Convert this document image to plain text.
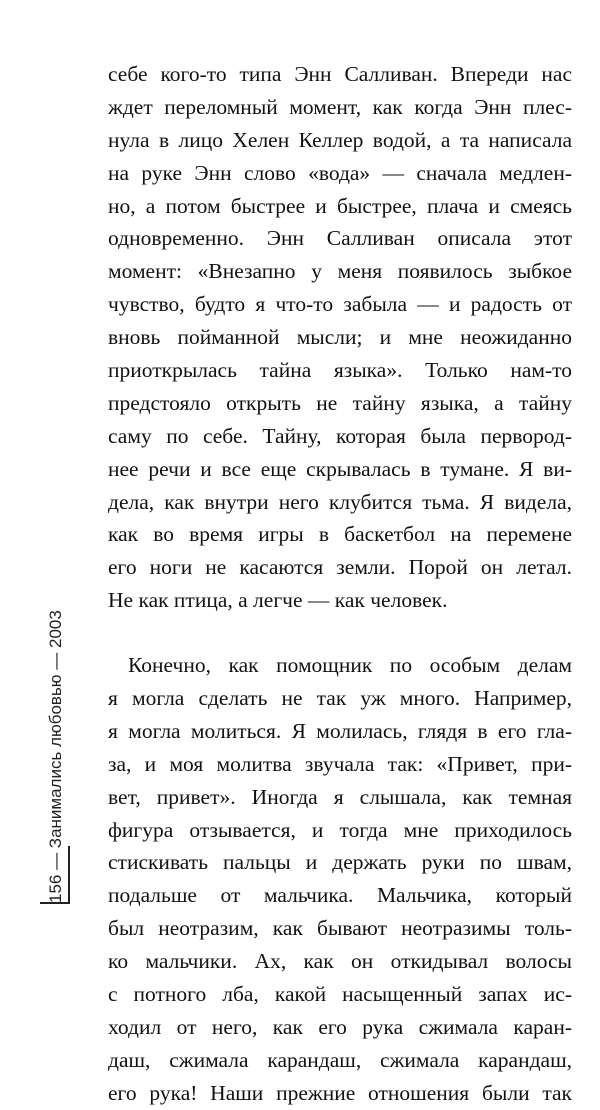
себе кого-то типа Энн Салливан. Впереди нас
ждет переломный момент, как когда Энн плес-
нула в лицо Хелен Келлер водой, а та написала
на руке Энн слово «вода» — сначала медлен-
но, а потом быстрее и быстрее, плача и смеясь
одновременно. Энн Салливан описала этот
момент: «Внезапно у меня появилось зыбкое
чувство, будто я что-то забыла — и радость от
вновь пойманной мысли; и мне неожиданно
приоткрылась тайна языка». Только нам-то
предстояло открыть не тайну языка, а тайну
саму по себе. Тайну, которая была первород-
нее речи и все еще скрывалась в тумане. Я ви-
дела, как внутри него клубится тьма. Я видела,
как во время игры в баскетбол на перемене
его ноги не касаются земли. Порой он летал.
Не как птица, а легче — как человек.
Конечно, как помощник по особым делам
я могла сделать не так уж много. Например,
я могла молиться. Я молилась, глядя в его гла-
за, и моя молитва звучала так: «Привет, при-
вет, привет». Иногда я слышала, как темная
фигура отзывается, и тогда мне приходилось
стискивать пальцы и держать руки по швам,
подальше от мальчика. Мальчика, который
был неотразим, как бывают неотразимы толь-
ко мальчики. Ах, как он откидывал волосы
с потного лба, какой насыщенный запах ис-
ходил от него, как его рука сжимала каран-
даш, сжимала карандаш, сжимала карандаш,
его рука! Наши прежние отношения были так
156 — Занимались любовью — 2003
